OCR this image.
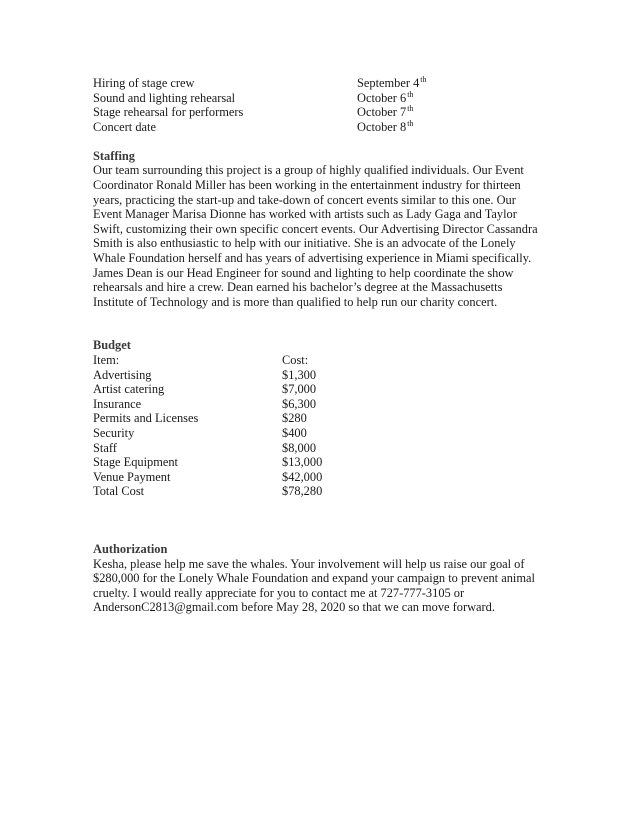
Hiring of stage crew	September 4th
Sound and lighting rehearsal	October 6th
Stage rehearsal for performers	October 7th
Concert date	October 8th
Staffing
Our team surrounding this project is a group of highly qualified individuals. Our Event
Coordinator Ronald Miller has been working in the entertainment industry for thirteen
years, practicing the start-up and take-down of concert events similar to this one. Our
Event Manager Marisa Dionne has worked with artists such as Lady Gaga and Taylor
Swift, customizing their own specific concert events. Our Advertising Director Cassandra
Smith is also enthusiastic to help with our initiative. She is an advocate of the Lonely
Whale Foundation herself and has years of advertising experience in Miami specifically.
James Dean is our Head Engineer for sound and lighting to help coordinate the show
rehearsals and hire a crew. Dean earned his bachelor’s degree at the Massachusetts
Institute of Technology and is more than qualified to help run our charity concert.
Budget
Item:	Cost:
Advertising	$1,300
Artist catering	$7,000
Insurance	$6,300
Permits and Licenses	$280
Security	$400
Staff	$8,000
Stage Equipment	$13,000
Venue Payment	$42,000
Total Cost	$78,280
Authorization
Kesha, please help me save the whales. Your involvement will help us raise our goal of
$280,000 for the Lonely Whale Foundation and expand your campaign to prevent animal
cruelty. I would really appreciate for you to contact me at 727-777-3105 or
AndersonC2813@gmail.com before May 28, 2020 so that we can move forward.
